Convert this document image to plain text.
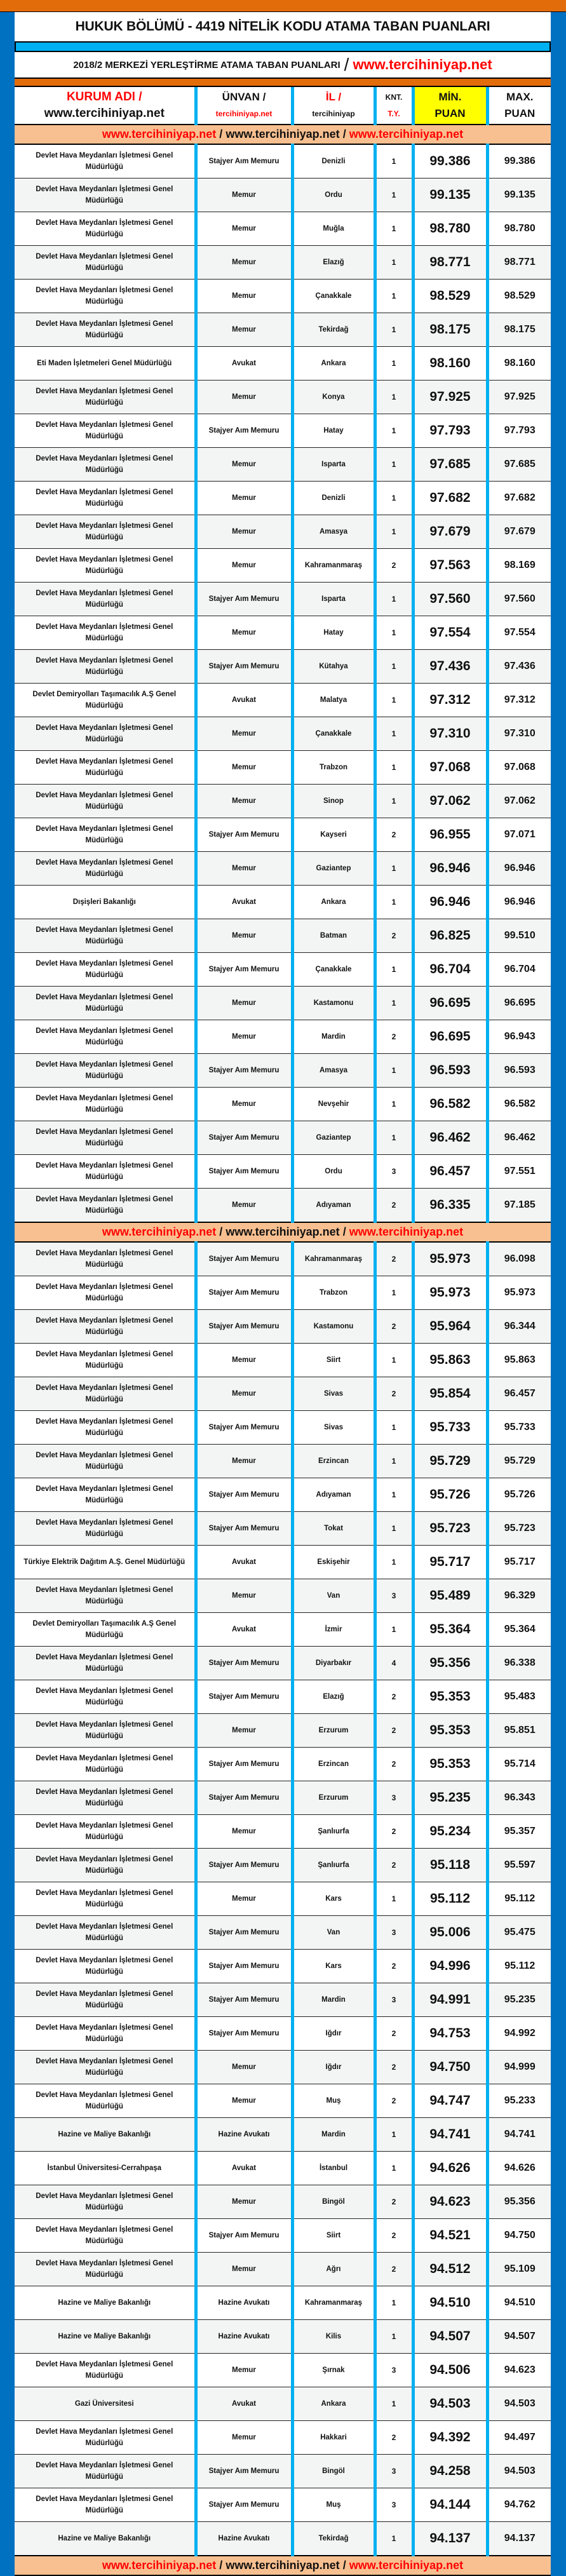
HUKUK BÖLÜMÜ - 4419 NİTELİK KODU ATAMA TABAN PUANLARI
2018/2 MERKEZİ YERLEŞTİRME ATAMA TABAN PUANLARI / www.tercihiniyap.net
KURUM ADI /
www.tercihiniyap.net

ÜNVAN /
tercihiniyap.net

İL /
tercihiniyap

KNT.
T.Y.

MİN.
PUAN

MAX.
PUAN

www.tercihiniyap.net / www.tercihiniyap.net / www.tercihiniyap.net					
Devlet Hava Meydanları İşletmesi Genel Müdürlüğü	Stajyer Aım Memuru	Denizli	1	99.386	99.386
Devlet Hava Meydanları İşletmesi Genel Müdürlüğü	Memur	Ordu	1	99.135	99.135
Devlet Hava Meydanları İşletmesi Genel Müdürlüğü	Memur	Muğla	1	98.780	98.780
Devlet Hava Meydanları İşletmesi Genel Müdürlüğü	Memur	Elazığ	1	98.771	98.771
Devlet Hava Meydanları İşletmesi Genel Müdürlüğü	Memur	Çanakkale	1	98.529	98.529
Devlet Hava Meydanları İşletmesi Genel Müdürlüğü	Memur	Tekirdağ	1	98.175	98.175
Eti Maden İşletmeleri Genel Müdürlüğü	Avukat	Ankara	1	98.160	98.160
Devlet Hava Meydanları İşletmesi Genel Müdürlüğü	Memur	Konya	1	97.925	97.925
Devlet Hava Meydanları İşletmesi Genel Müdürlüğü	Stajyer Aım Memuru	Hatay	1	97.793	97.793
Devlet Hava Meydanları İşletmesi Genel Müdürlüğü	Memur	Isparta	1	97.685	97.685
Devlet Hava Meydanları İşletmesi Genel Müdürlüğü	Memur	Denizli	1	97.682	97.682
Devlet Hava Meydanları İşletmesi Genel Müdürlüğü	Memur	Amasya	1	97.679	97.679
Devlet Hava Meydanları İşletmesi Genel Müdürlüğü	Memur	Kahramanmaraş	2	97.563	98.169
Devlet Hava Meydanları İşletmesi Genel Müdürlüğü	Stajyer Aım Memuru	Isparta	1	97.560	97.560
Devlet Hava Meydanları İşletmesi Genel Müdürlüğü	Memur	Hatay	1	97.554	97.554
Devlet Hava Meydanları İşletmesi Genel Müdürlüğü	Stajyer Aım Memuru	Kütahya	1	97.436	97.436
Devlet Demiryolları Taşımacılık A.Ş Genel Müdürlüğü	Avukat	Malatya	1	97.312	97.312
Devlet Hava Meydanları İşletmesi Genel Müdürlüğü	Memur	Çanakkale	1	97.310	97.310
Devlet Hava Meydanları İşletmesi Genel Müdürlüğü	Memur	Trabzon	1	97.068	97.068
Devlet Hava Meydanları İşletmesi Genel Müdürlüğü	Memur	Sinop	1	97.062	97.062
Devlet Hava Meydanları İşletmesi Genel Müdürlüğü	Stajyer Aım Memuru	Kayseri	2	96.955	97.071
Devlet Hava Meydanları İşletmesi Genel Müdürlüğü	Memur	Gaziantep	1	96.946	96.946
Dışişleri Bakanlığı	Avukat	Ankara	1	96.946	96.946
Devlet Hava Meydanları İşletmesi Genel Müdürlüğü	Memur	Batman	2	96.825	99.510
Devlet Hava Meydanları İşletmesi Genel Müdürlüğü	Stajyer Aım Memuru	Çanakkale	1	96.704	96.704
Devlet Hava Meydanları İşletmesi Genel Müdürlüğü	Memur	Kastamonu	1	96.695	96.695
Devlet Hava Meydanları İşletmesi Genel Müdürlüğü	Memur	Mardin	2	96.695	96.943
Devlet Hava Meydanları İşletmesi Genel Müdürlüğü	Stajyer Aım Memuru	Amasya	1	96.593	96.593
Devlet Hava Meydanları İşletmesi Genel Müdürlüğü	Memur	Nevşehir	1	96.582	96.582
Devlet Hava Meydanları İşletmesi Genel Müdürlüğü	Stajyer Aım Memuru	Gaziantep	1	96.462	96.462
Devlet Hava Meydanları İşletmesi Genel Müdürlüğü	Stajyer Aım Memuru	Ordu	3	96.457	97.551
Devlet Hava Meydanları İşletmesi Genel Müdürlüğü	Memur	Adıyaman	2	96.335	97.185
www.tercihiniyap.net / www.tercihiniyap.net / www.tercihiniyap.net					
Devlet Hava Meydanları İşletmesi Genel Müdürlüğü	Stajyer Aım Memuru	Kahramanmaraş	2	95.973	96.098
Devlet Hava Meydanları İşletmesi Genel Müdürlüğü	Stajyer Aım Memuru	Trabzon	1	95.973	95.973
Devlet Hava Meydanları İşletmesi Genel Müdürlüğü	Stajyer Aım Memuru	Kastamonu	2	95.964	96.344
Devlet Hava Meydanları İşletmesi Genel Müdürlüğü	Memur	Siirt	1	95.863	95.863
Devlet Hava Meydanları İşletmesi Genel Müdürlüğü	Memur	Sivas	2	95.854	96.457
Devlet Hava Meydanları İşletmesi Genel Müdürlüğü	Stajyer Aım Memuru	Sivas	1	95.733	95.733
Devlet Hava Meydanları İşletmesi Genel Müdürlüğü	Memur	Erzincan	1	95.729	95.729
Devlet Hava Meydanları İşletmesi Genel Müdürlüğü	Stajyer Aım Memuru	Adıyaman	1	95.726	95.726
Devlet Hava Meydanları İşletmesi Genel Müdürlüğü	Stajyer Aım Memuru	Tokat	1	95.723	95.723
Türkiye Elektrik Dağıtım A.Ş. Genel Müdürlüğü	Avukat	Eskişehir	1	95.717	95.717
Devlet Hava Meydanları İşletmesi Genel Müdürlüğü	Memur	Van	3	95.489	96.329
Devlet Demiryolları Taşımacılık A.Ş Genel Müdürlüğü	Avukat	İzmir	1	95.364	95.364
Devlet Hava Meydanları İşletmesi Genel Müdürlüğü	Stajyer Aım Memuru	Diyarbakır	4	95.356	96.338
Devlet Hava Meydanları İşletmesi Genel Müdürlüğü	Stajyer Aım Memuru	Elazığ	2	95.353	95.483
Devlet Hava Meydanları İşletmesi Genel Müdürlüğü	Memur	Erzurum	2	95.353	95.851
Devlet Hava Meydanları İşletmesi Genel Müdürlüğü	Stajyer Aım Memuru	Erzincan	2	95.353	95.714
Devlet Hava Meydanları İşletmesi Genel Müdürlüğü	Stajyer Aım Memuru	Erzurum	3	95.235	96.343
Devlet Hava Meydanları İşletmesi Genel Müdürlüğü	Memur	Şanlıurfa	2	95.234	95.357
Devlet Hava Meydanları İşletmesi Genel Müdürlüğü	Stajyer Aım Memuru	Şanlıurfa	2	95.118	95.597
Devlet Hava Meydanları İşletmesi Genel Müdürlüğü	Memur	Kars	1	95.112	95.112
Devlet Hava Meydanları İşletmesi Genel Müdürlüğü	Stajyer Aım Memuru	Van	3	95.006	95.475
Devlet Hava Meydanları İşletmesi Genel Müdürlüğü	Stajyer Aım Memuru	Kars	2	94.996	95.112
Devlet Hava Meydanları İşletmesi Genel Müdürlüğü	Stajyer Aım Memuru	Mardin	3	94.991	95.235
Devlet Hava Meydanları İşletmesi Genel Müdürlüğü	Stajyer Aım Memuru	Iğdır	2	94.753	94.992
Devlet Hava Meydanları İşletmesi Genel Müdürlüğü	Memur	Iğdır	2	94.750	94.999
Devlet Hava Meydanları İşletmesi Genel Müdürlüğü	Memur	Muş	2	94.747	95.233
Hazine ve Maliye Bakanlığı	Hazine Avukatı	Mardin	1	94.741	94.741
İstanbul Üniversitesi-Cerrahpaşa	Avukat	İstanbul	1	94.626	94.626
Devlet Hava Meydanları İşletmesi Genel Müdürlüğü	Memur	Bingöl	2	94.623	95.356
Devlet Hava Meydanları İşletmesi Genel Müdürlüğü	Stajyer Aım Memuru	Siirt	2	94.521	94.750
Devlet Hava Meydanları İşletmesi Genel Müdürlüğü	Memur	Ağrı	2	94.512	95.109
Hazine ve Maliye Bakanlığı	Hazine Avukatı	Kahramanmaraş	1	94.510	94.510
Hazine ve Maliye Bakanlığı	Hazine Avukatı	Kilis	1	94.507	94.507
Devlet Hava Meydanları İşletmesi Genel Müdürlüğü	Memur	Şırnak	3	94.506	94.623
Gazi Üniversitesi	Avukat	Ankara	1	94.503	94.503
Devlet Hava Meydanları İşletmesi Genel Müdürlüğü	Memur	Hakkari	2	94.392	94.497
Devlet Hava Meydanları İşletmesi Genel Müdürlüğü	Stajyer Aım Memuru	Bingöl	3	94.258	94.503
Devlet Hava Meydanları İşletmesi Genel Müdürlüğü	Stajyer Aım Memuru	Muş	3	94.144	94.762
Hazine ve Maliye Bakanlığı	Hazine Avukatı	Tekirdağ	1	94.137	94.137
www.tercihiniyap.net / www.tercihiniyap.net / www.tercihiniyap.net					
